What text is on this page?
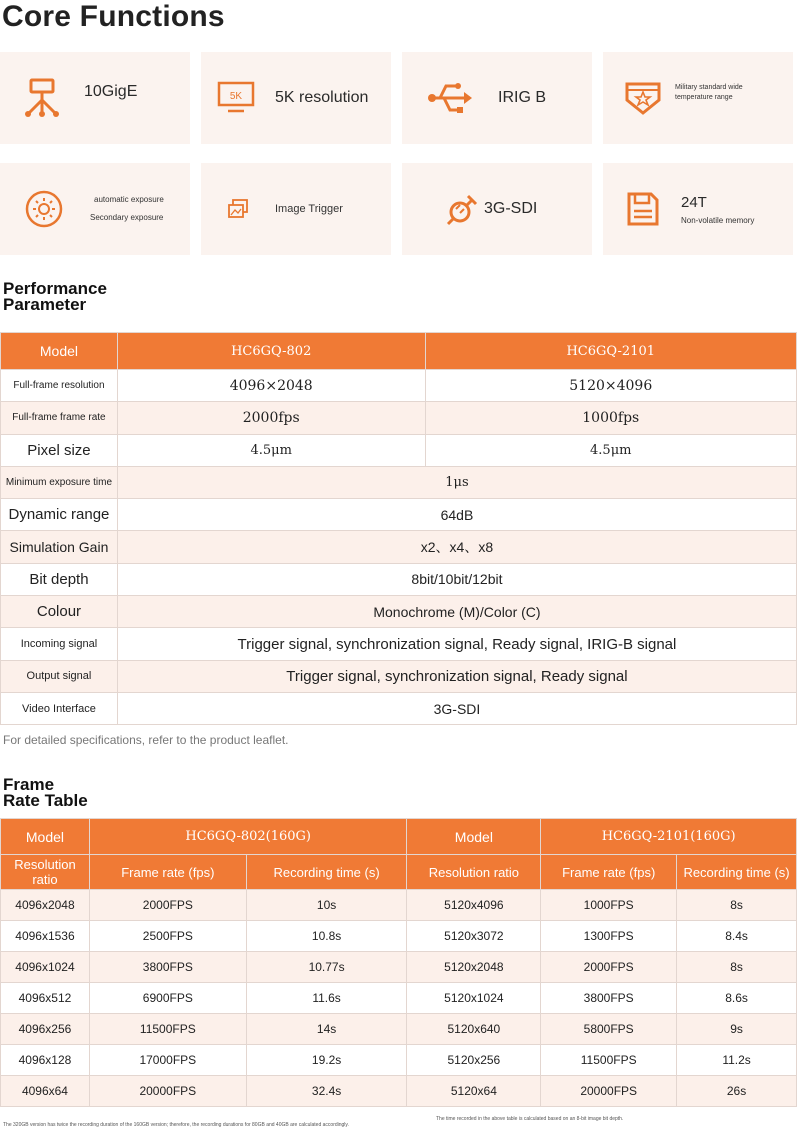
Core Functions
10GigE	5K 5K resolution	IRIG B
Military standard wide
temperature range
automatic exposure
Secondary exposure
Image Trigger	3G-SDI	24T
Non-volatile memory
Performance
Parameter
Model	HC6GQ-802	HC6GQ-2101
Full-frame resolution	4096×2048	5120×4096
Full-frame frame rate	2000fps	1000fps
Pixel size	4.5μm	4.5μm
Minimum exposure time	1μs	
Dynamic range	64dB	
Simulation Gain	x2、x4、x8	
Bit depth	8bit/10bit/12bit	
Colour	Monochrome (M)/Color (C)	
Incoming signal	Trigger signal, synchronization signal, Ready signal, IRIG-B signal	
Output signal	Trigger signal, synchronization signal, Ready signal	
Video Interface	3G-SDI	
For detailed specifications, refer to the product leaflet.
Frame
Rate Table
Model	HC6GQ-802(160G)		Model	HC6GQ-2101(160G)	
Resolution ratio	Frame rate (fps)	Recording time (s)	Resolution ratio	Frame rate (fps)	Recording time (s)
4096x2048	2000FPS	10s	5120x4096	1000FPS	8s
4096x1536	2500FPS	10.8s	5120x3072	1300FPS	8.4s
4096x1024	3800FPS	10.77s	5120x2048	2000FPS	8s
4096x512	6900FPS	11.6s	5120x1024	3800FPS	8.6s
4096x256	11500FPS	14s	5120x640	5800FPS	9s
4096x128	17000FPS	19.2s	5120x256	11500FPS	11.2s
4096x64	20000FPS	32.4s	5120x64	20000FPS	26s
The 320GB version has twice the recording duration of the 160GB version; therefore, the recording durations for 80GB and 40GB are calculated accordingly.
The time recorded in the above table is calculated based on an 8-bit image bit depth.
